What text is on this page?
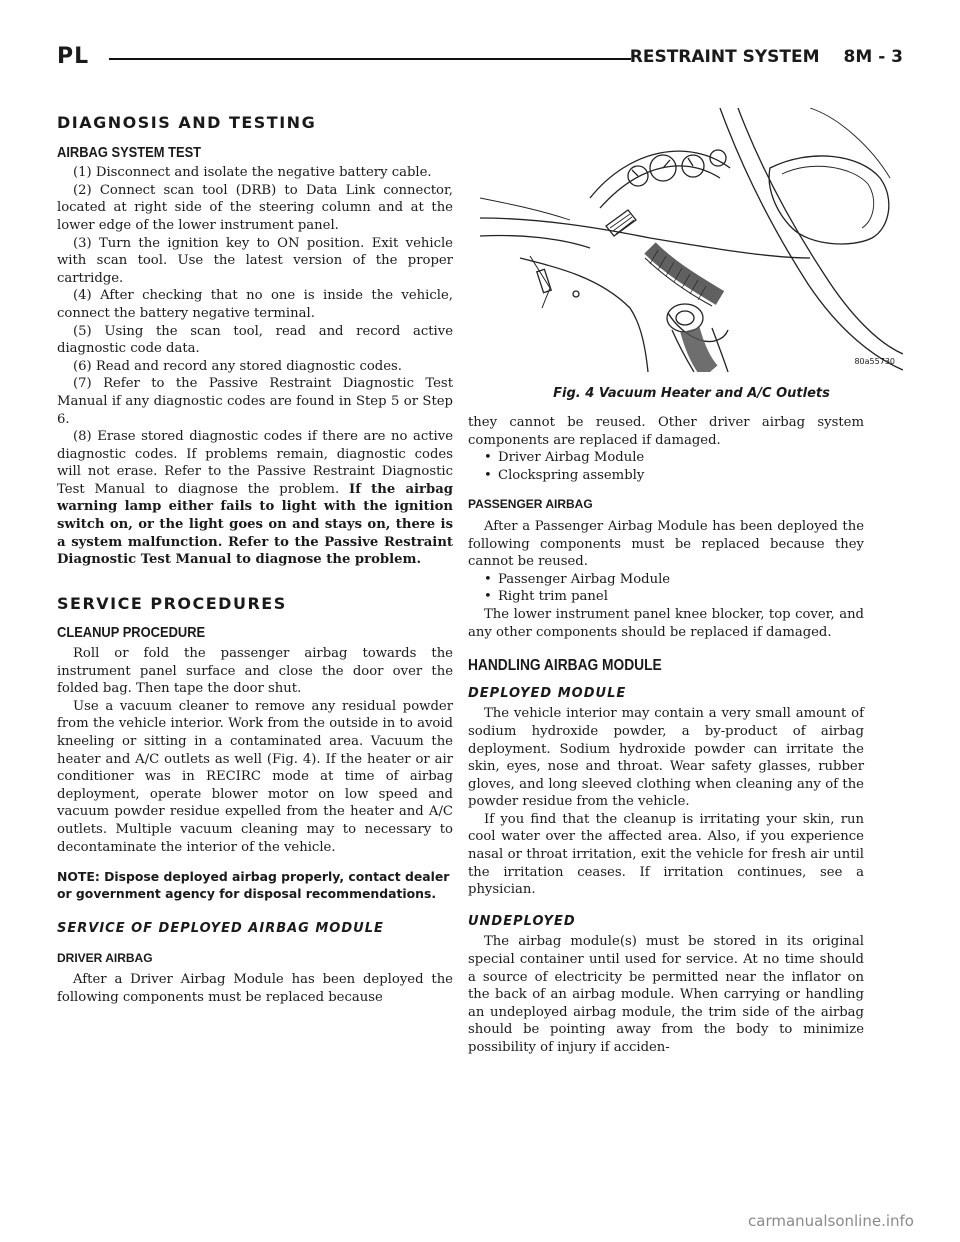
PL	RESTRAINT SYSTEM 8M - 3
DIAGNOSIS AND TESTING
AIRBAG SYSTEM TEST

(1) Disconnect and isolate the negative battery cable.

(2) Connect scan tool (DRB) to Data Link connector, located at right side of the steering column and at the lower edge of the lower instrument panel.

(3) Turn the ignition key to ON position. Exit vehicle with scan tool. Use the latest version of the proper cartridge.

(4) After checking that no one is inside the vehicle, connect the battery negative terminal.

(5) Using the scan tool, read and record active diagnostic code data.

(6) Read and record any stored diagnostic codes.

(7) Refer to the Passive Restraint Diagnostic Test Manual if any diagnostic codes are found in Step 5 or Step 6.

(8) Erase stored diagnostic codes if there are no active diagnostic codes. If problems remain, diagnostic codes will not erase. Refer to the Passive Restraint Diagnostic Test Manual to diagnose the problem. If the airbag warning lamp either fails to light with the ignition switch on, or the light goes on and stays on, there is a system malfunction. Refer to the Passive Restraint Diagnostic Test Manual to diagnose the problem.

SERVICE PROCEDURES
CLEANUP PROCEDURE

Roll or fold the passenger airbag towards the instrument panel surface and close the door over the folded bag. Then tape the door shut.

Use a vacuum cleaner to remove any residual powder from the vehicle interior. Work from the outside in to avoid kneeling or sitting in a contaminated area. Vacuum the heater and A/C outlets as well (Fig. 4). If the heater or air conditioner was in RECIRC mode at time of airbag deployment, operate blower motor on low speed and vacuum powder residue expelled from the heater and A/C outlets. Multiple vacuum cleaning may to necessary to decontaminate the interior of the vehicle.

NOTE: Dispose deployed airbag properly, contact dealer or government agency for disposal recommendations.
SERVICE OF DEPLOYED AIRBAG MODULE
DRIVER AIRBAG

After a Driver Airbag Module has been deployed the following components must be replaced because

80a55730
Fig. 4 Vacuum Heater and A/C Outlets

they cannot be reused. Other driver airbag system components are replaced if damaged.

• Driver Airbag Module
• Clockspring assembly
PASSENGER AIRBAG

After a Passenger Airbag Module has been deployed the following components must be replaced because they cannot be reused.

• Passenger Airbag Module
• Right trim panel

The lower instrument panel knee blocker, top cover, and any other components should be replaced if damaged.

HANDLING AIRBAG MODULE
DEPLOYED MODULE

The vehicle interior may contain a very small amount of sodium hydroxide powder, a by-product of airbag deployment. Sodium hydroxide powder can irritate the skin, eyes, nose and throat. Wear safety glasses, rubber gloves, and long sleeved clothing when cleaning any of the powder residue from the vehicle.

If you find that the cleanup is irritating your skin, run cool water over the affected area. Also, if you experience nasal or throat irritation, exit the vehicle for fresh air until the irritation ceases. If irritation continues, see a physician.

UNDEPLOYED

The airbag module(s) must be stored in its original special container until used for service. At no time should a source of electricity be permitted near the inflator on the back of an airbag module. When carrying or handling an undeployed airbag module, the trim side of the airbag should be pointing away from the body to minimize possibility of injury if acciden-

carmanualsonline.info
